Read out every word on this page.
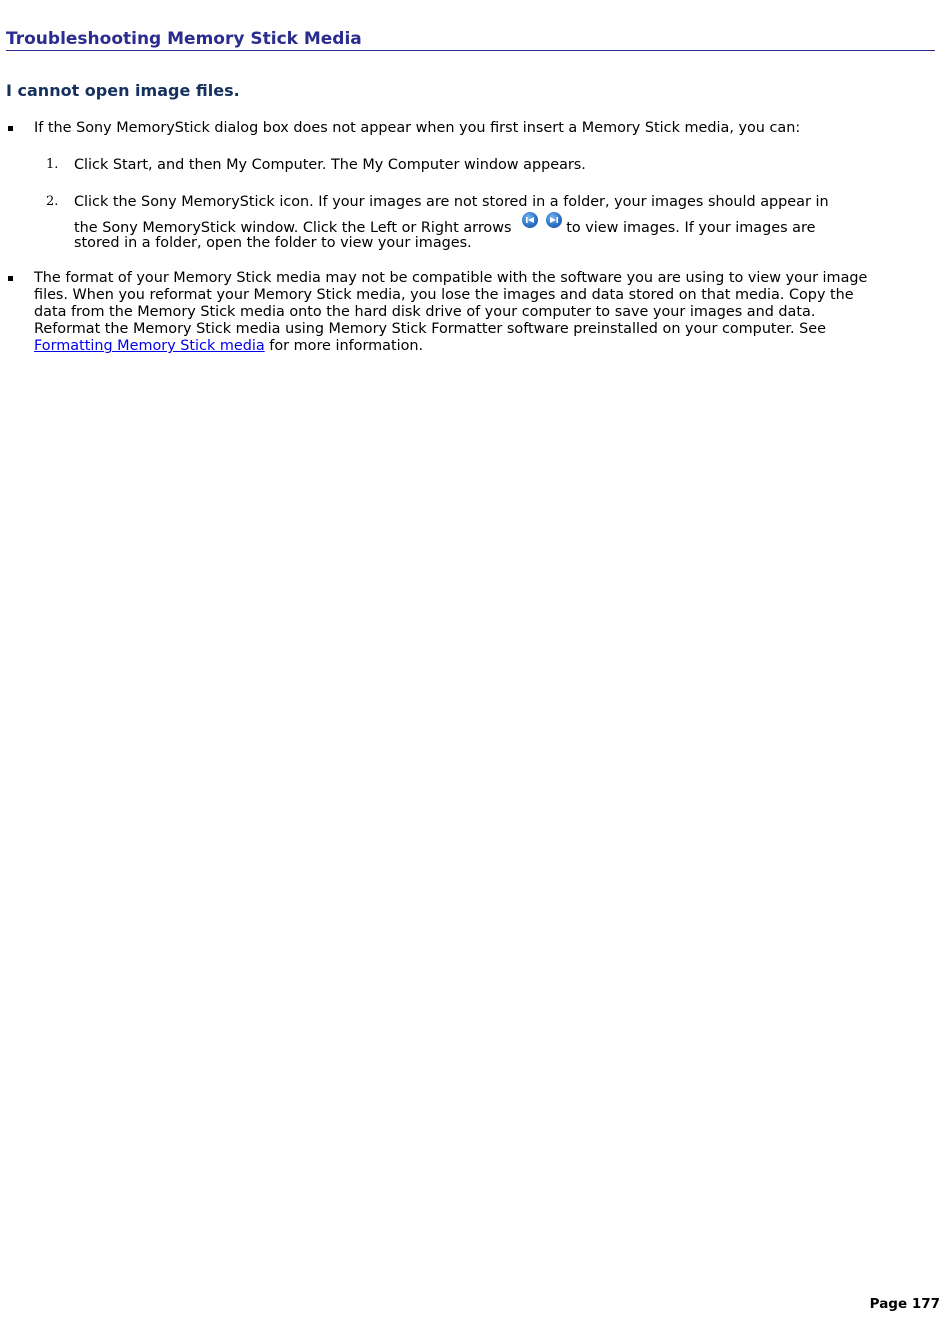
Troubleshooting Memory Stick Media
I cannot open image files.
If the Sony MemoryStick dialog box does not appear when you first insert a Memory Stick media, you can:
1. Click Start, and then My Computer. The My Computer window appears.
2. Click the Sony MemoryStick icon. If your images are not stored in a folder, your images should appear in
the Sony MemoryStick window. Click the Left or Right arrows
	to view images. If your images are
stored in a folder, open the folder to view your images.
The format of your Memory Stick media may not be compatible with the software you are using to view your image
files. When you reformat your Memory Stick media, you lose the images and data stored on that media. Copy the
data from the Memory Stick media onto the hard disk drive of your computer to save your images and data.
Reformat the Memory Stick media using Memory Stick Formatter software preinstalled on your computer. See
Formatting Memory Stick media for more information.
Page 177
